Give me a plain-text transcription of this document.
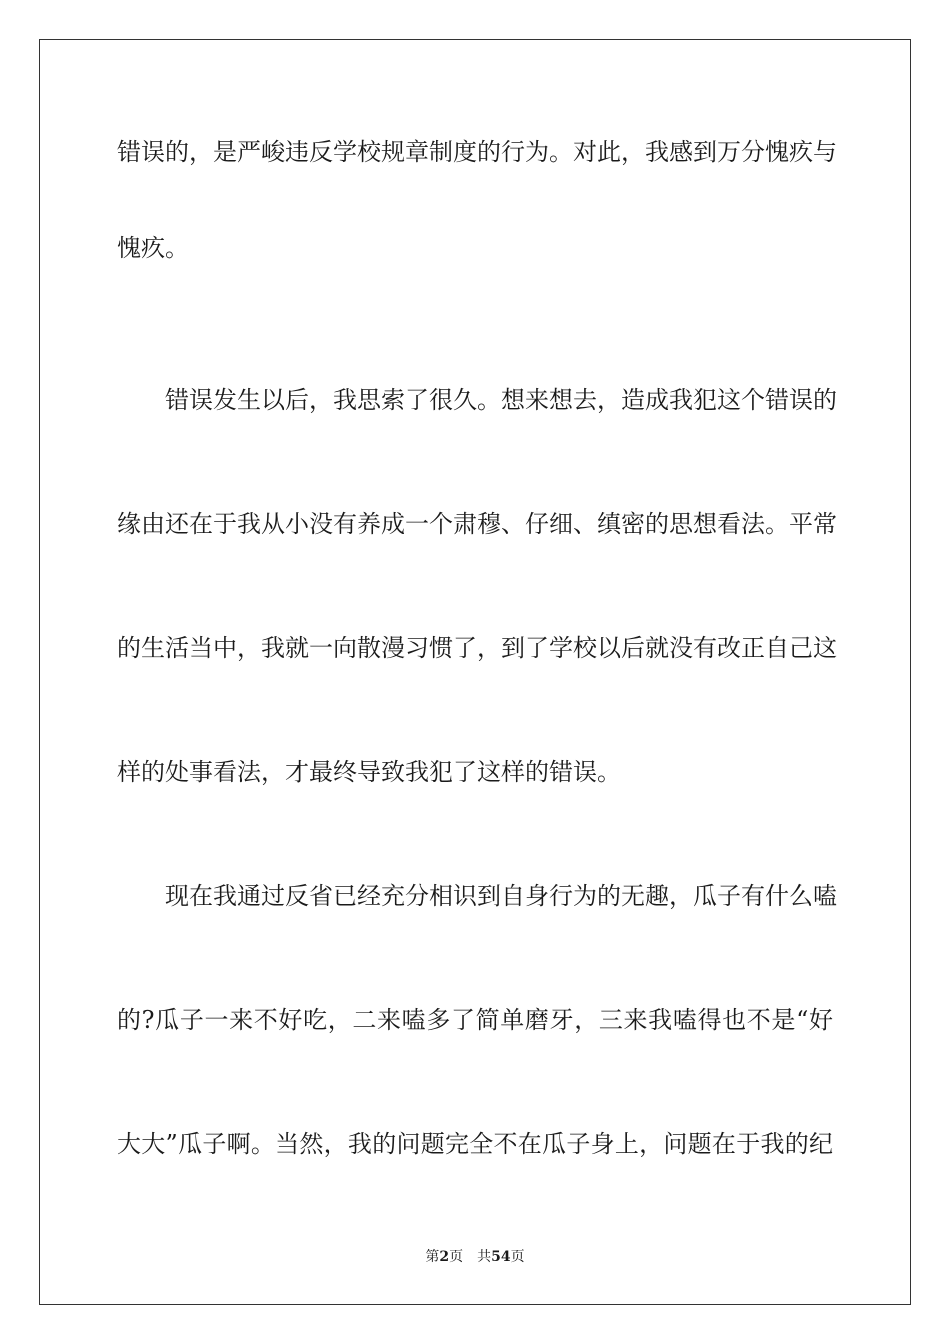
错误的，是严峻违反学校规章制度的行为。对此，我感到万分愧疚与
愧疚。
错误发生以后，我思索了很久。想来想去，造成我犯这个错误的
缘由还在于我从小没有养成一个肃穆、仔细、缜密的思想看法。平常
的生活当中，我就一向散漫习惯了，到了学校以后就没有改正自己这
样的处事看法，才最终导致我犯了这样的错误。
现在我通过反省已经充分相识到自身行为的无趣，瓜子有什么嗑
的?瓜子一来不好吃，二来嗑多了简单磨牙，三来我嗑得也不是“好
大大”瓜子啊。当然，我的问题完全不在瓜子身上，问题在于我的纪
第2页 共54页
